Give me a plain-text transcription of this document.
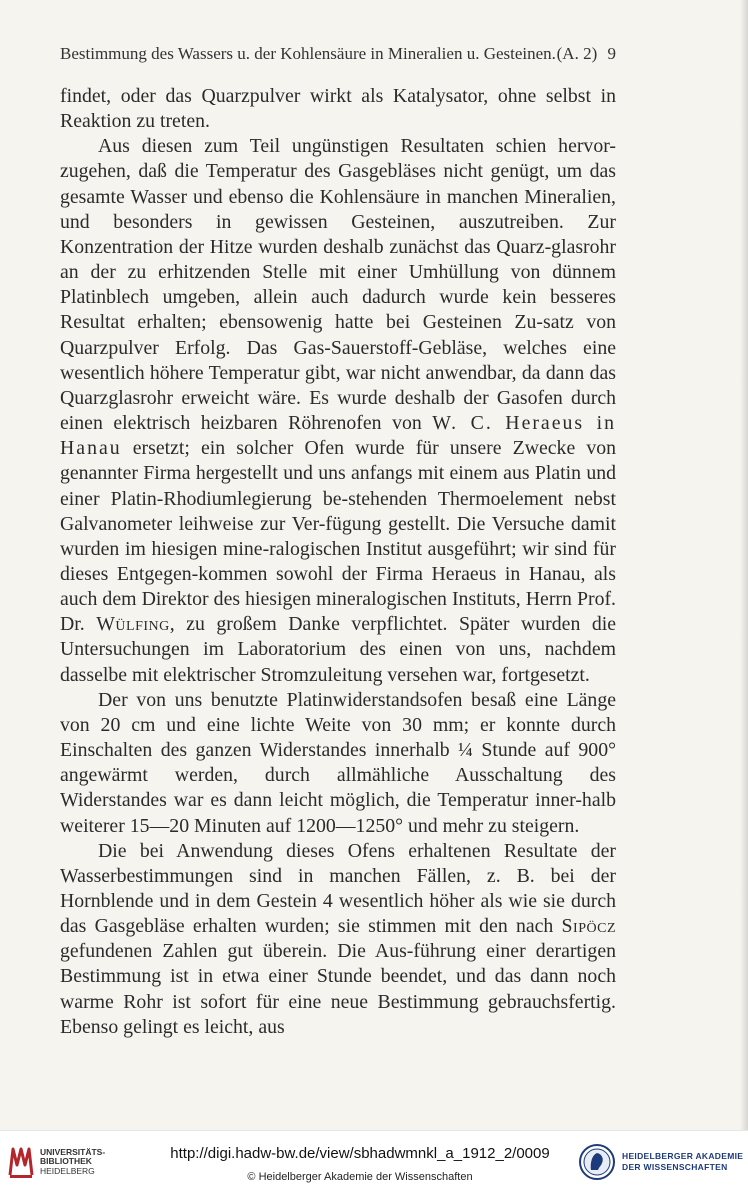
Bestimmung des Wassers u. der Kohlensäure in Mineralien u. Gesteinen. (A. 2) 9

findet, oder das Quarzpulver wirkt als Katalysator, ohne selbst in Reaktion zu treten.

Aus diesen zum Teil ungünstigen Resultaten schien hervor-zugehen, daß die Temperatur des Gasgebläses nicht genügt, um das gesamte Wasser und ebenso die Kohlensäure in manchen Mineralien, und besonders in gewissen Gesteinen, auszutreiben. Zur Konzentration der Hitze wurden deshalb zunächst das Quarz-glasrohr an der zu erhitzenden Stelle mit einer Umhüllung von dünnem Platinblech umgeben, allein auch dadurch wurde kein besseres Resultat erhalten; ebensowenig hatte bei Gesteinen Zu-satz von Quarzpulver Erfolg. Das Gas-Sauerstoff-Gebläse, welches eine wesentlich höhere Temperatur gibt, war nicht anwendbar, da dann das Quarzglasrohr erweicht wäre. Es wurde deshalb der Gasofen durch einen elektrisch heizbaren Röhrenofen von W. C. Heraeus in Hanau ersetzt; ein solcher Ofen wurde für unsere Zwecke von genannter Firma hergestellt und uns anfangs mit einem aus Platin und einer Platin-Rhodiumlegierung be-stehenden Thermoelement nebst Galvanometer leihweise zur Ver-fügung gestellt. Die Versuche damit wurden im hiesigen mine-ralogischen Institut ausgeführt; wir sind für dieses Entgegen-kommen sowohl der Firma Heraeus in Hanau, als auch dem Direktor des hiesigen mineralogischen Instituts, Herrn Prof. Dr. Wülfing, zu großem Danke verpflichtet. Später wurden die Untersuchungen im Laboratorium des einen von uns, nachdem dasselbe mit elektrischer Stromzuleitung versehen war, fortgesetzt.

Der von uns benutzte Platinwiderstandsofen besaß eine Länge von 20 cm und eine lichte Weite von 30 mm; er konnte durch Einschalten des ganzen Widerstandes innerhalb ¼ Stunde auf 900° angewärmt werden, durch allmähliche Ausschaltung des Widerstandes war es dann leicht möglich, die Temperatur inner-halb weiterer 15—20 Minuten auf 1200—1250° und mehr zu steigern.

Die bei Anwendung dieses Ofens erhaltenen Resultate der Wasserbestimmungen sind in manchen Fällen, z. B. bei der Hornblende und in dem Gestein 4 wesentlich höher als wie sie durch das Gasgebläse erhalten wurden; sie stimmen mit den nach Sipöcz gefundenen Zahlen gut überein. Die Aus-führung einer derartigen Bestimmung ist in etwa einer Stunde beendet, und das dann noch warme Rohr ist sofort für eine neue Bestimmung gebrauchsfertig. Ebenso gelingt es leicht, aus

UNIVERSITÄTS-
BIBLIOTHEK
HEIDELBERG
http://digi.hadw-bw.de/view/sbhadwmnkl_a_1912_2/0009
© Heidelberger Akademie der Wissenschaften
HEIDELBERGER AKADEMIE
DER WISSENSCHAFTEN
